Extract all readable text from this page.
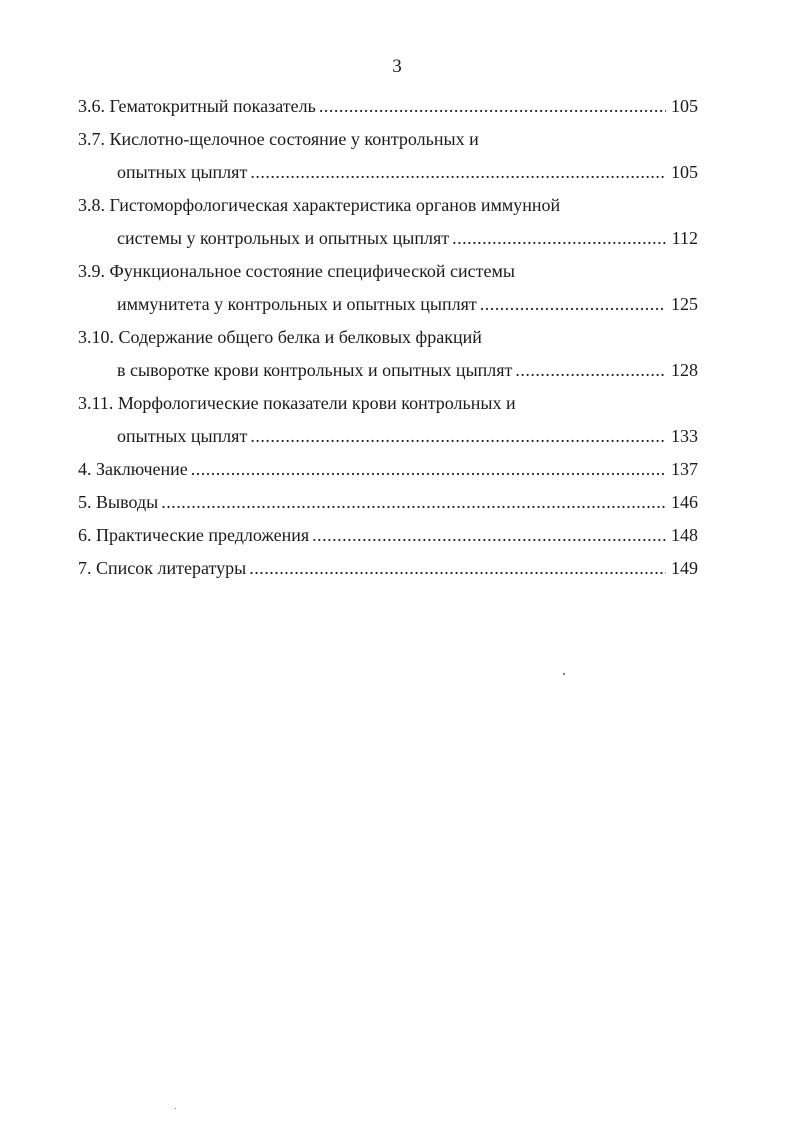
3
3.6. Гематокритный показатель .....	105
3.7. Кислотно-щелочное состояние у контрольных и
опытных цыплят .....	105
3.8. Гистоморфологическая характеристика органов иммунной
системы у контрольных и опытных цыплят .....	112
3.9. Функциональное состояние специфической системы
иммунитета у контрольных и опытных цыплят .....	125
3.10. Содержание общего белка и белковых фракций
в сыворотке крови контрольных и опытных цыплят .....	128
3.11. Морфологические показатели крови контрольных и
опытных цыплят .....	133
4. Заключение .....	137
5. Выводы .....	146
6. Практические предложения .....	148
7. Список литературы .....	149
